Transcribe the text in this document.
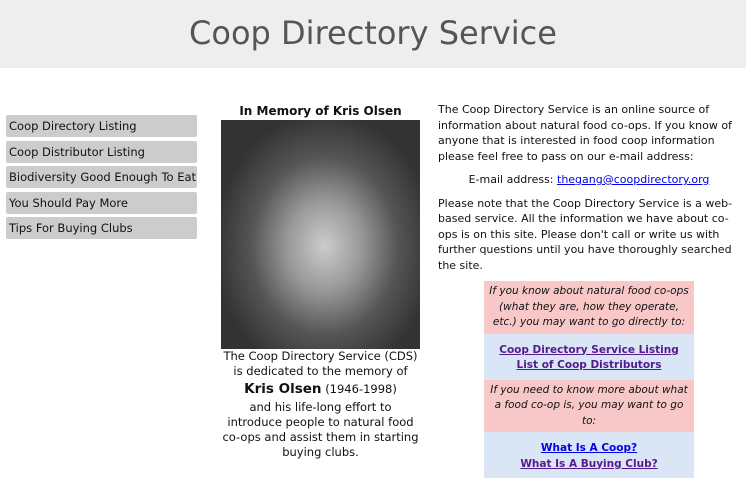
Coop Directory Service
Coop Directory Listing
Coop Distributor Listing
Biodiversity Good Enough To Eat
You Should Pay More
Tips For Buying Clubs
In Memory of Kris Olsen
The Coop Directory Service (CDS) is dedicated to the memory of
Kris Olsen (1946-1998)
and his life-long effort to introduce people to natural food co-ops and assist them in starting buying clubs.

The Coop Directory Service is an online source of information about natural food co-ops. If you know of anyone that is interested in food coop information please feel free to pass on our e-mail address:

E-mail address: thegang@coopdirectory.org

Please note that the Coop Directory Service is a web-based service. All the information we have about co-ops is on this site. Please don't call or write us with further questions until you have thoroughly searched the site.

If you know about natural food co-ops (what they are, how they operate, etc.) you may want to go directly to:
Coop Directory Service Listing
List of Coop Distributors
If you need to know more about what a food co-op is, you may want to go to:
What Is A Coop?
What Is A Buying Club?
